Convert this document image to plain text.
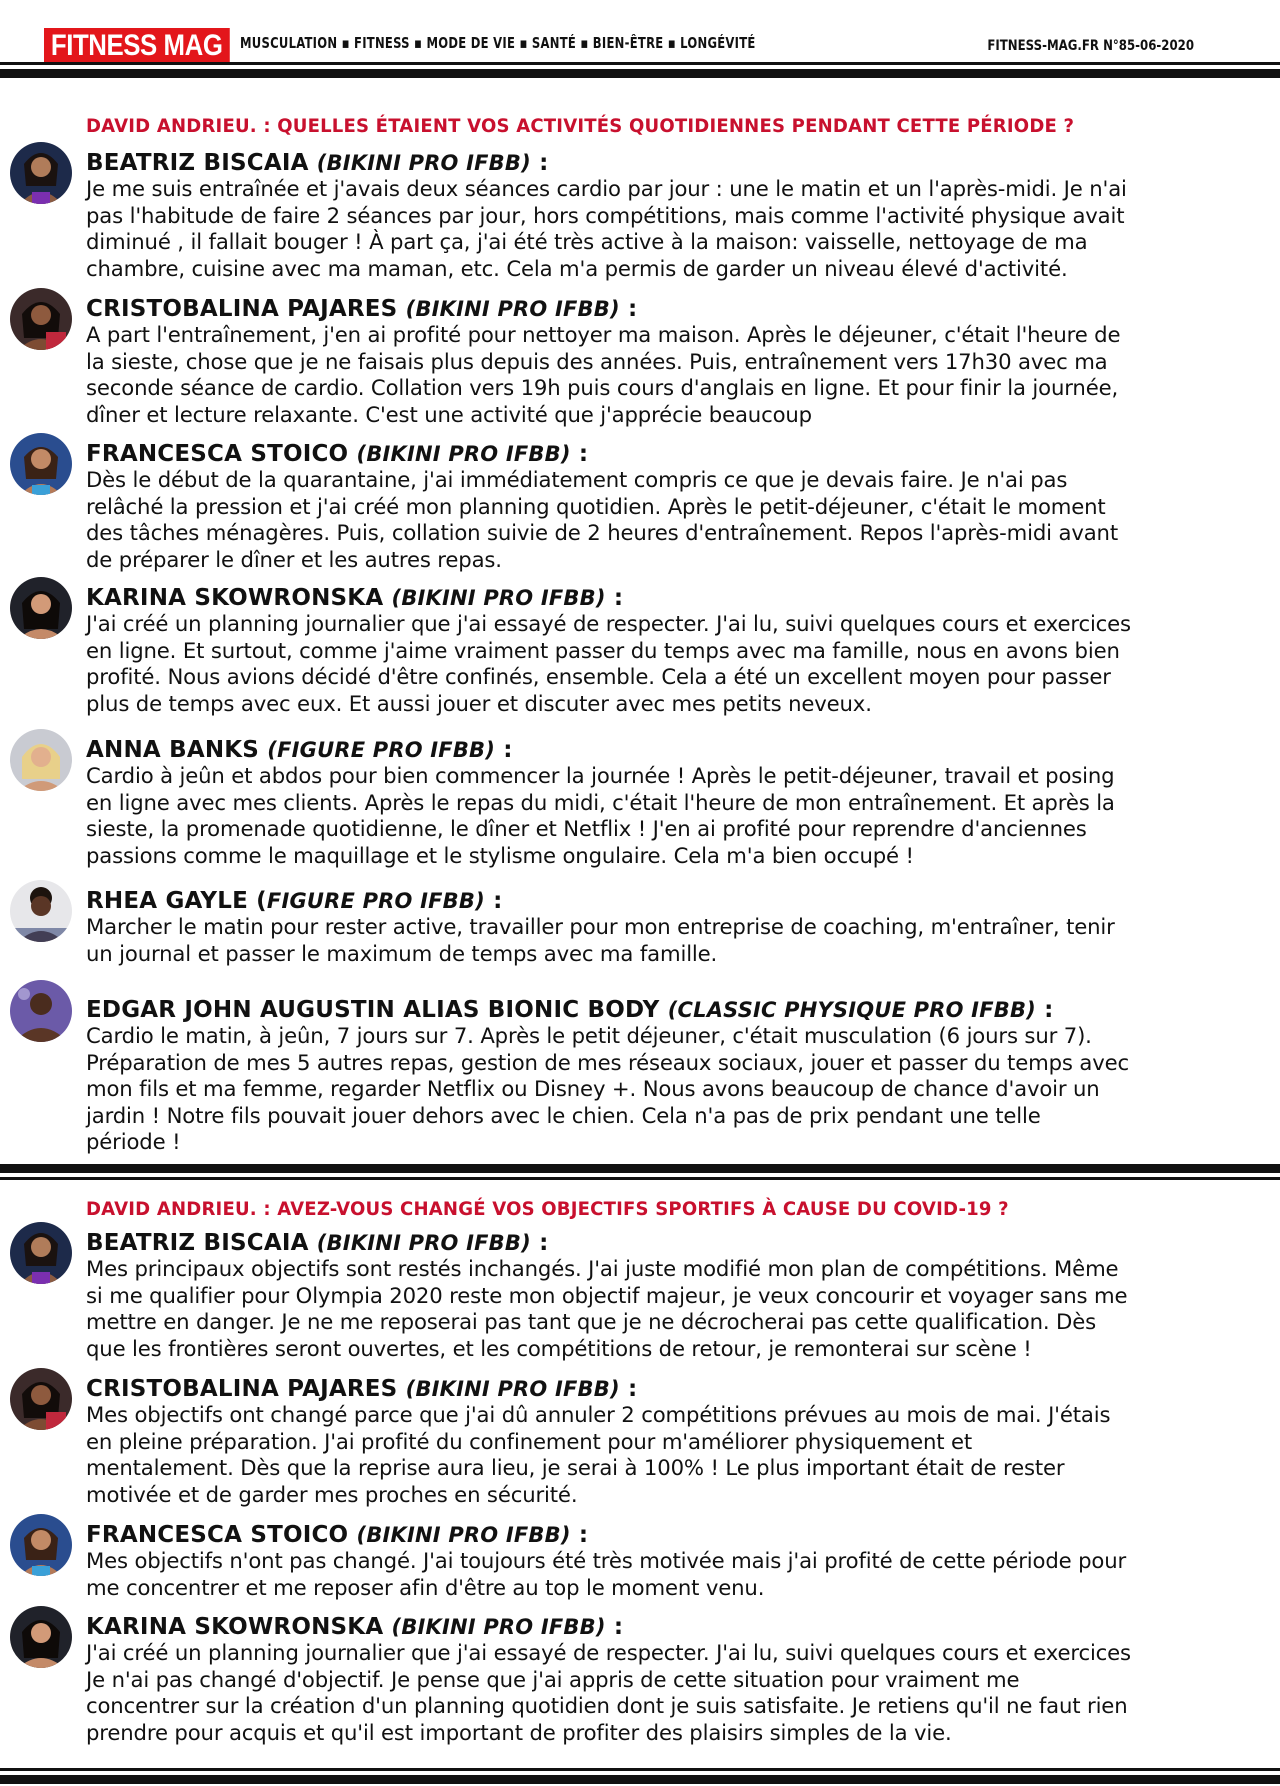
FITNESS MAG	MUSCULATION ▪ FITNESS ▪ MODE DE VIE ▪ SANTÉ ▪ BIEN-ÊTRE ▪ LONGÉVITÉ	FITNESS-MAG.FR N°85-06-2020
DAVID ANDRIEU. : QUELLES ÉTAIENT VOS ACTIVITÉS QUOTIDIENNES PENDANT CETTE PÉRIODE ?
BEATRIZ BISCAIA (BIKINI PRO IFBB) :
Je me suis entraînée et j'avais deux séances cardio par jour : une le matin et un l'après-midi. Je n'ai
pas l'habitude de faire 2 séances par jour, hors compétitions, mais comme l'activité physique avait
diminué , il fallait bouger ! À part ça, j'ai été très active à la maison: vaisselle, nettoyage de ma
chambre, cuisine avec ma maman, etc. Cela m'a permis de garder un niveau élevé d'activité.
CRISTOBALINA PAJARES (BIKINI PRO IFBB) :
A part l'entraînement, j'en ai profité pour nettoyer ma maison. Après le déjeuner, c'était l'heure de
la sieste, chose que je ne faisais plus depuis des années. Puis, entraînement vers 17h30 avec ma
seconde séance de cardio. Collation vers 19h puis cours d'anglais en ligne. Et pour finir la journée,
dîner et lecture relaxante. C'est une activité que j'apprécie beaucoup
FRANCESCA STOICO (BIKINI PRO IFBB) :
Dès le début de la quarantaine, j'ai immédiatement compris ce que je devais faire. Je n'ai pas
relâché la pression et j'ai créé mon planning quotidien. Après le petit-déjeuner, c'était le moment
des tâches ménagères. Puis, collation suivie de 2 heures d'entraînement. Repos l'après-midi avant
de préparer le dîner et les autres repas.
KARINA SKOWRONSKA (BIKINI PRO IFBB) :
J'ai créé un planning journalier que j'ai essayé de respecter. J'ai lu, suivi quelques cours et exercices
en ligne. Et surtout, comme j'aime vraiment passer du temps avec ma famille, nous en avons bien
profité. Nous avions décidé d'être confinés, ensemble. Cela a été un excellent moyen pour passer
plus de temps avec eux. Et aussi jouer et discuter avec mes petits neveux.
ANNA BANKS (FIGURE PRO IFBB) :
Cardio à jeûn et abdos pour bien commencer la journée ! Après le petit-déjeuner, travail et posing
en ligne avec mes clients. Après le repas du midi, c'était l'heure de mon entraînement. Et après la
sieste, la promenade quotidienne, le dîner et Netflix ! J'en ai profité pour reprendre d'anciennes
passions comme le maquillage et le stylisme ongulaire. Cela m'a bien occupé !
RHEA GAYLE (FIGURE PRO IFBB) :
Marcher le matin pour rester active, travailler pour mon entreprise de coaching, m'entraîner, tenir
un journal et passer le maximum de temps avec ma famille.
EDGAR JOHN AUGUSTIN ALIAS BIONIC BODY (CLASSIC PHYSIQUE PRO IFBB) :
Cardio le matin, à jeûn, 7 jours sur 7. Après le petit déjeuner, c'était musculation (6 jours sur 7).
Préparation de mes 5 autres repas, gestion de mes réseaux sociaux, jouer et passer du temps avec
mon fils et ma femme, regarder Netflix ou Disney +. Nous avons beaucoup de chance d'avoir un
jardin ! Notre fils pouvait jouer dehors avec le chien. Cela n'a pas de prix pendant une telle
période !
DAVID ANDRIEU. : AVEZ-VOUS CHANGÉ VOS OBJECTIFS SPORTIFS À CAUSE DU COVID-19 ?
BEATRIZ BISCAIA (BIKINI PRO IFBB) :
Mes principaux objectifs sont restés inchangés. J'ai juste modifié mon plan de compétitions. Même
si me qualifier pour Olympia 2020 reste mon objectif majeur, je veux concourir et voyager sans me
mettre en danger. Je ne me reposerai pas tant que je ne décrocherai pas cette qualification. Dès
que les frontières seront ouvertes, et les compétitions de retour, je remonterai sur scène !
CRISTOBALINA PAJARES (BIKINI PRO IFBB) :
Mes objectifs ont changé parce que j'ai dû annuler 2 compétitions prévues au mois de mai. J'étais
en pleine préparation. J'ai profité du confinement pour m'améliorer physiquement et
mentalement. Dès que la reprise aura lieu, je serai à 100% ! Le plus important était de rester
motivée et de garder mes proches en sécurité.
FRANCESCA STOICO (BIKINI PRO IFBB) :
Mes objectifs n'ont pas changé. J'ai toujours été très motivée mais j'ai profité de cette période pour
me concentrer et me reposer afin d'être au top le moment venu.
KARINA SKOWRONSKA (BIKINI PRO IFBB) :
J'ai créé un planning journalier que j'ai essayé de respecter. J'ai lu, suivi quelques cours et exercices
Je n'ai pas changé d'objectif. Je pense que j'ai appris de cette situation pour vraiment me
concentrer sur la création d'un planning quotidien dont je suis satisfaite. Je retiens qu'il ne faut rien
prendre pour acquis et qu'il est important de profiter des plaisirs simples de la vie.
